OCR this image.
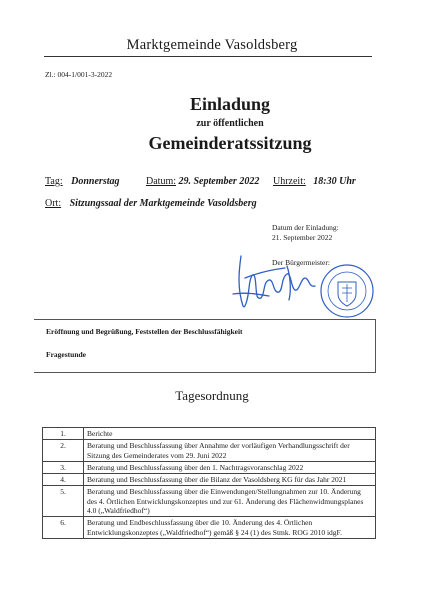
Marktgemeinde Vasoldsberg
Zl.: 004-1/001-3-2022
Einladung
zur öffentlichen
Gemeinderatssitzung
Tag: Donnerstag	Datum: 29. September 2022 Uhrzeit: 18:30 Uhr
Ort: Sitzungssaal der Marktgemeinde Vasoldsberg
Datum der Einladung:
21. September 2022
Der Bürgermeister:
Eröffnung und Begrüßung, Feststellen der Beschlussfähigkeit
Fragestunde
Tagesordnung
1.	Berichte
2.	Beratung und Beschlussfassung über Annahme der vorläufigen Verhandlungsschrift der Sitzung des Gemeinderates vom 29. Juni 2022
3.	Beratung und Beschlussfassung über den 1. Nachtragsvoranschlag 2022
4.	Beratung und Beschlussfassung über die Bilanz der Vasoldsberg KG für das Jahr 2021
5.	Beratung und Beschlussfassung über die Einwendungen/Stellungnahmen zur 10. Änderung des 4. Örtlichen Entwicklungskonzeptes und zur 61. Änderung des Flächenwidmungsplanes 4.0 („Waldfriedhof“)
6.	Beratung und Endbeschlussfassung über die 10. Änderung des 4. Örtlichen Entwicklungskonzeptes („Waldfriedhof“) gemäß § 24 (1) des Stmk. ROG 2010 idgF.
